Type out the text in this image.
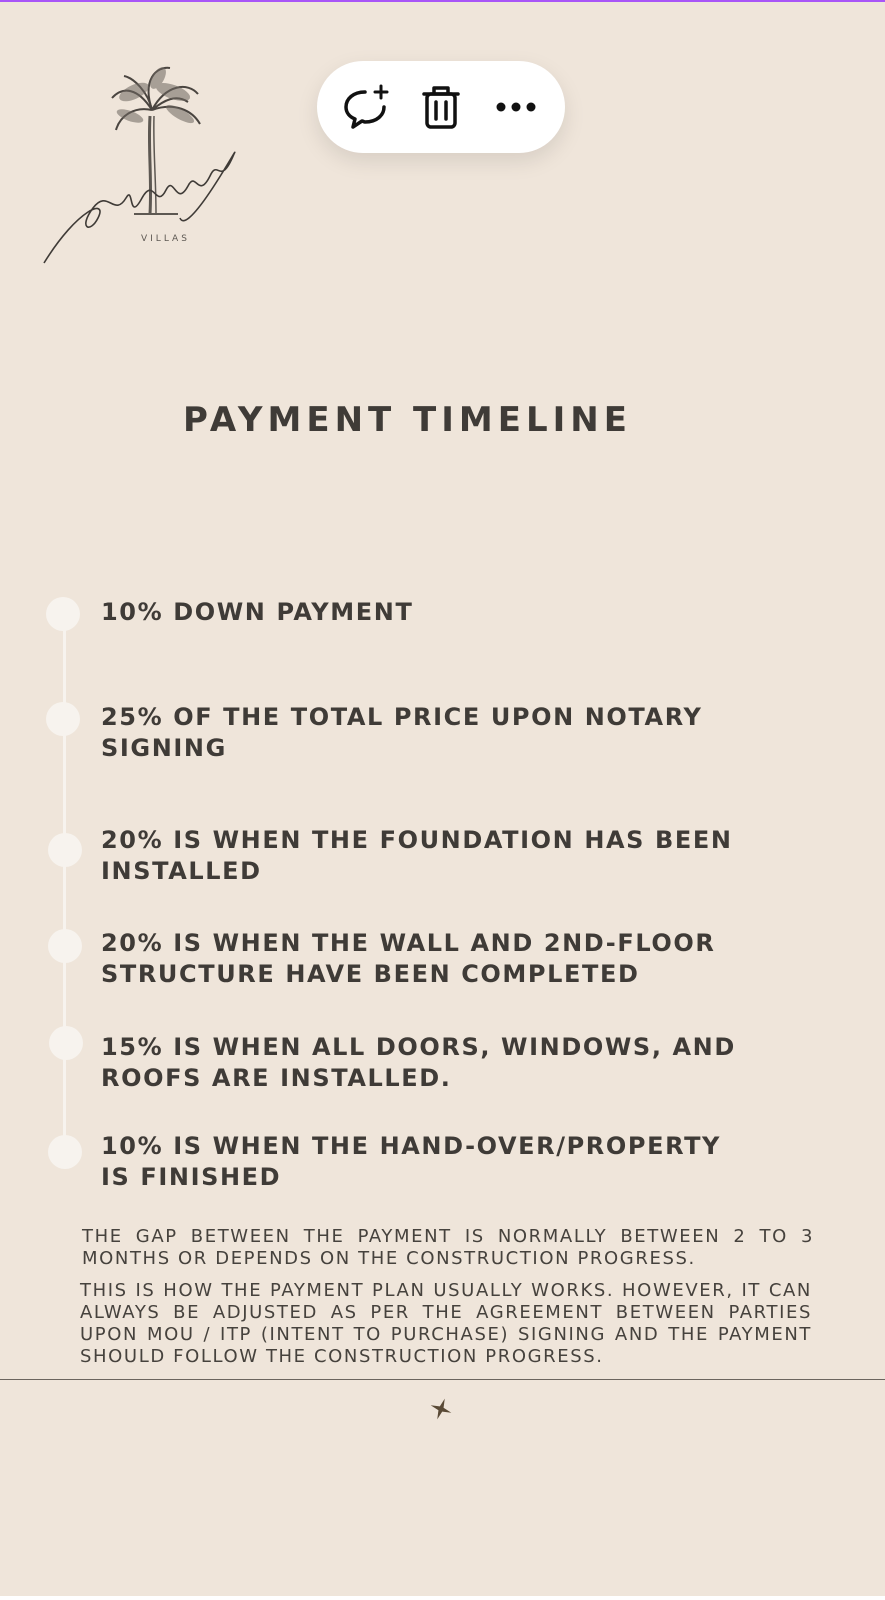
VILLAS
PAYMENT TIMELINE
10% DOWN PAYMENT
25% OF THE TOTAL PRICE UPON NOTARY
SIGNING
20% IS WHEN THE FOUNDATION HAS BEEN
INSTALLED
20% IS WHEN THE WALL AND 2ND-FLOOR
STRUCTURE HAVE BEEN COMPLETED
15% IS WHEN ALL DOORS, WINDOWS, AND
ROOFS ARE INSTALLED.
10% IS WHEN THE HAND-OVER/PROPERTY
IS FINISHED
THE GAP BETWEEN THE PAYMENT IS NORMALLY BETWEEN 2 TO 3 MONTHS OR DEPENDS ON THE CONSTRUCTION PROGRESS.
THIS IS HOW THE PAYMENT PLAN USUALLY WORKS. HOWEVER, IT CAN ALWAYS BE ADJUSTED AS PER THE AGREEMENT BETWEEN PARTIES UPON MOU / ITP (INTENT TO PURCHASE) SIGNING AND THE PAYMENT SHOULD FOLLOW THE CONSTRUCTION PROGRESS.
